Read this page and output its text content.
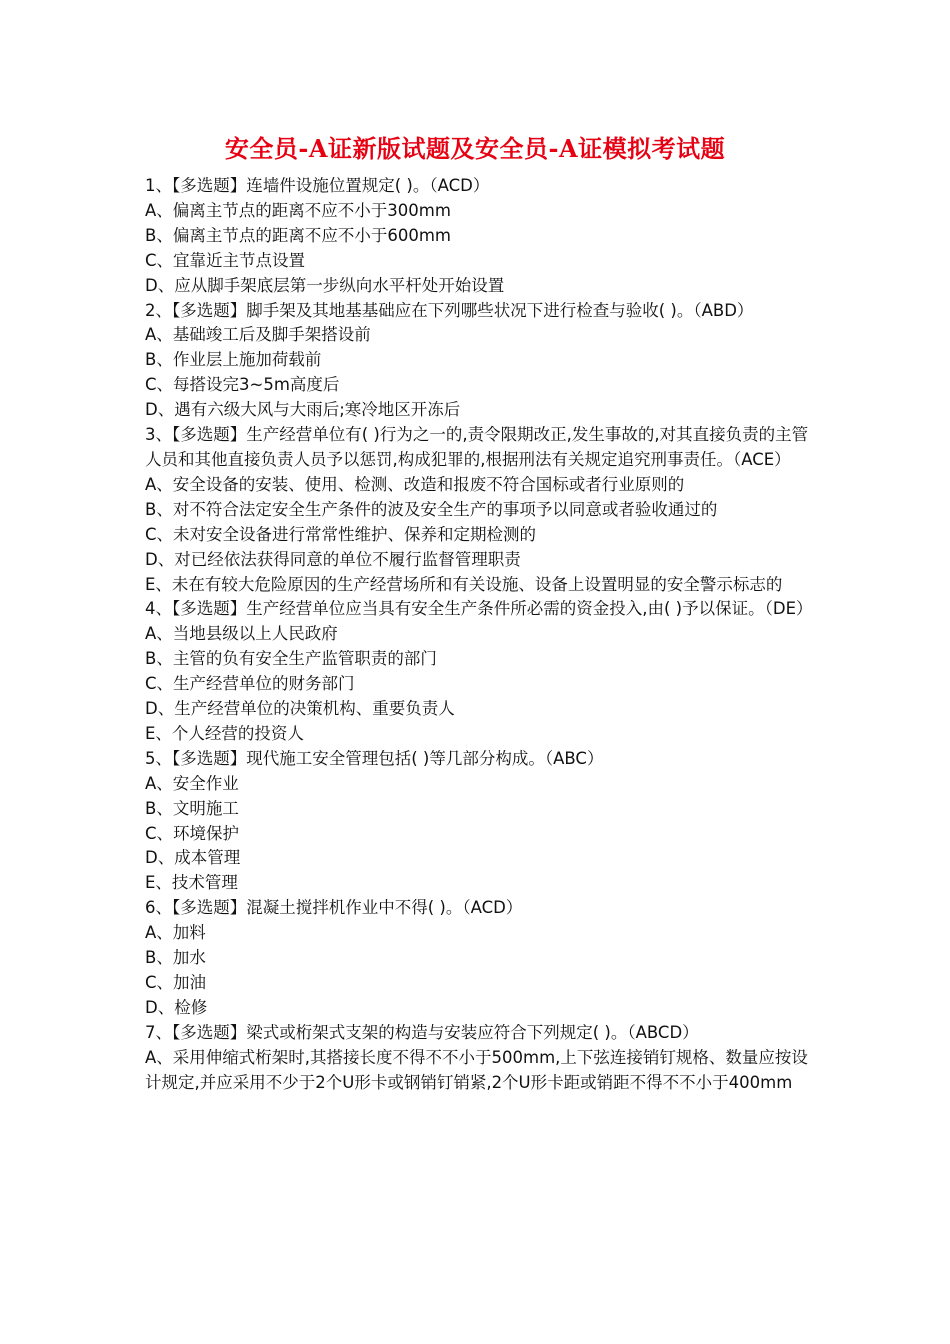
安全员-A证新版试题及安全员-A证模拟考试题
1、【多选题】连墙件设施位置规定( )。（ACD）
A、偏离主节点的距离不应不小于300mm
B、偏离主节点的距离不应不小于600mm
C、宜靠近主节点设置
D、应从脚手架底层第一步纵向水平杆处开始设置
2、【多选题】脚手架及其地基基础应在下列哪些状况下进行检查与验收( )。（ABD）
A、基础竣工后及脚手架搭设前
B、作业层上施加荷载前
C、每搭设完3~5m高度后
D、遇有六级大风与大雨后;寒冷地区开冻后
3、【多选题】生产经营单位有( )行为之一的,责令限期改正,发生事故的,对其直接负责的主管人员和其他直接负责人员予以惩罚,构成犯罪的,根据刑法有关规定追究刑事责任。（ACE）
A、安全设备的安装、使用、检测、改造和报废不符合国标或者行业原则的
B、对不符合法定安全生产条件的波及安全生产的事项予以同意或者验收通过的
C、未对安全设备进行常常性维护、保养和定期检测的
D、对已经依法获得同意的单位不履行监督管理职责
E、未在有较大危险原因的生产经营场所和有关设施、设备上设置明显的安全警示标志的
4、【多选题】生产经营单位应当具有安全生产条件所必需的资金投入,由( )予以保证。（DE）
A、当地县级以上人民政府
B、主管的负有安全生产监管职责的部门
C、生产经营单位的财务部门
D、生产经营单位的决策机构、重要负责人
E、个人经营的投资人
5、【多选题】现代施工安全管理包括( )等几部分构成。（ABC）
A、安全作业
B、文明施工
C、环境保护
D、成本管理
E、技术管理
6、【多选题】混凝土搅拌机作业中不得( )。（ACD）
A、加料
B、加水
C、加油
D、检修
7、【多选题】梁式或桁架式支架的构造与安装应符合下列规定( )。（ABCD）
A、采用伸缩式桁架时,其搭接长度不得不不小于500mm,上下弦连接销钉规格、数量应按设计规定,并应采用不少于2个U形卡或钢销钉销紧,2个U形卡距或销距不得不不小于400mm
